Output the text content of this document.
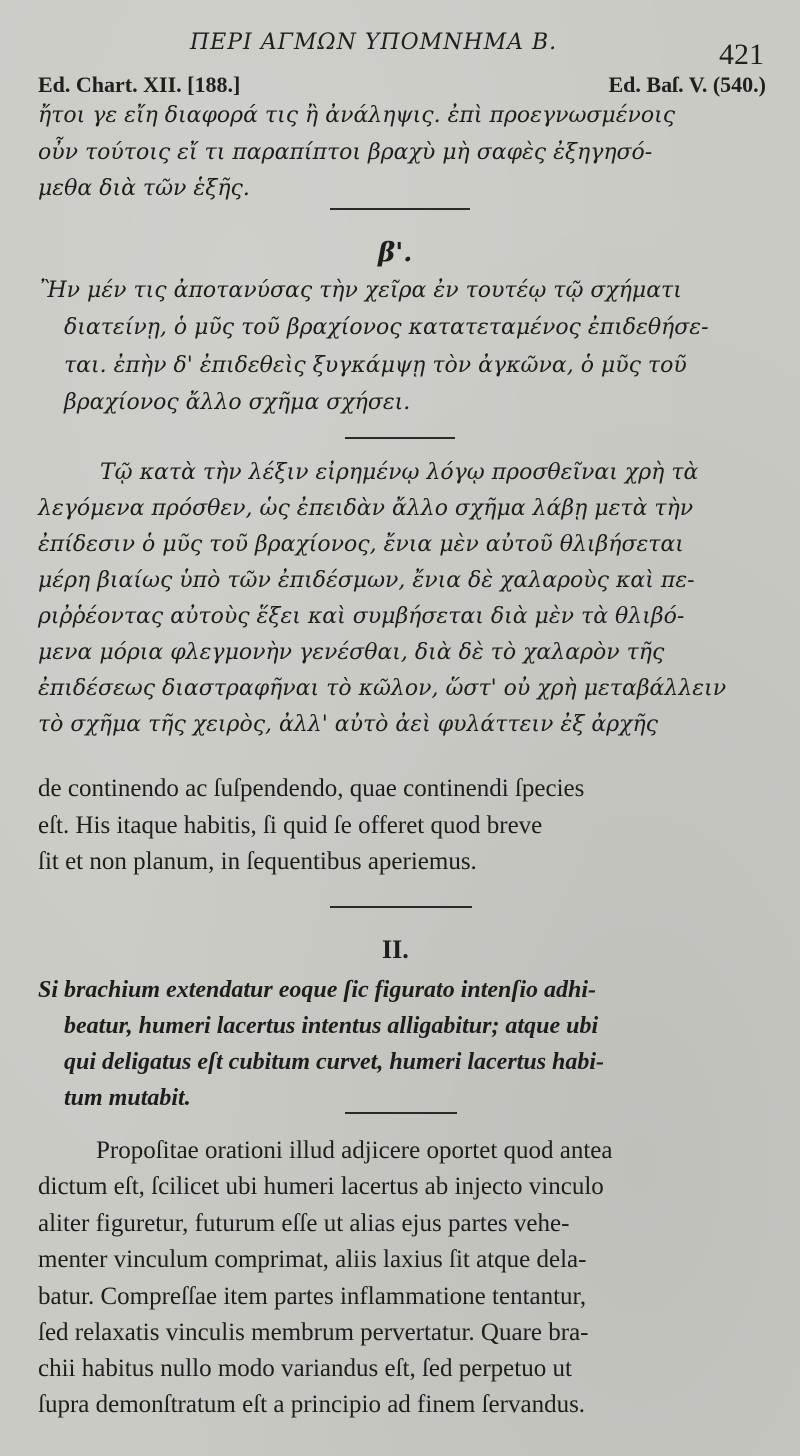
ΠΕΡΙ ΑΓΜΩΝ ΥΠΟΜΝΗΜΑ Β.	421
Ed. Chart. XII. [188.]	Ed. Baſ. V. (540.)
ἤτοι γε εἴη διαφορά τις ἢ ἀνάληψις. ἐπὶ προεγνωσμένοις
οὖν τούτοις εἴ τι παραπίπτοι βραχὺ μὴ σαφὲς ἐξηγησό-
μεθα διὰ τῶν ἑξῆς.
β'.
Ἢν μέν τις ἀποτανύσας τὴν χεῖρα ἐν τουτέῳ τῷ σχήματι
διατείνῃ, ὁ μῦς τοῦ βραχίονος κατατεταμένος ἐπιδεθήσε-
ται. ἐπὴν δ' ἐπιδεθεὶς ξυγκάμψῃ τὸν ἀγκῶνα, ὁ μῦς τοῦ
βραχίονος ἄλλο σχῆμα σχήσει.
Τῷ κατὰ τὴν λέξιν εἰρημένῳ λόγῳ προσθεῖναι χρὴ τὰ
λεγόμενα πρόσθεν, ὡς ἐπειδὰν ἄλλο σχῆμα λάβῃ μετὰ τὴν
ἐπίδεσιν ὁ μῦς τοῦ βραχίονος, ἔνια μὲν αὐτοῦ θλιβήσεται
μέρη βιαίως ὑπὸ τῶν ἐπιδέσμων, ἔνια δὲ χαλαροὺς καὶ πε-
ριῤῥέοντας αὐτοὺς ἕξει καὶ συμβήσεται διὰ μὲν τὰ θλιβό-
μενα μόρια φλεγμονὴν γενέσθαι, διὰ δὲ τὸ χαλαρὸν τῆς
ἐπιδέσεως διαστραφῆναι τὸ κῶλον, ὥστ' οὐ χρὴ μεταβάλλειν
τὸ σχῆμα τῆς χειρὸς, ἀλλ' αὐτὸ ἀεὶ φυλάττειν ἐξ ἀρχῆς
de continendo ac ſuſpendendo, quae continendi ſpecies
eſt. His itaque habitis, ſi quid ſe offeret quod breve
ſit et non planum, in ſequentibus aperiemus.
II.
Si brachium extendatur eoque ſic figurato intenſio adhi-
beatur, humeri lacertus intentus alligabitur; atque ubi
qui deligatus eſt cubitum curvet, humeri lacertus habi-
tum mutabit.
Propoſitae orationi illud adjicere oportet quod antea
dictum eſt, ſcilicet ubi humeri lacertus ab injecto vinculo
aliter figuretur, futurum eſſe ut alias ejus partes vehe-
menter vinculum comprimat, aliis laxius ſit atque dela-
batur. Compreſſae item partes inflammatione tentantur,
ſed relaxatis vinculis membrum pervertatur. Quare bra-
chii habitus nullo modo variandus eſt, ſed perpetuo ut
ſupra demonſtratum eſt a principio ad finem ſervandus.
